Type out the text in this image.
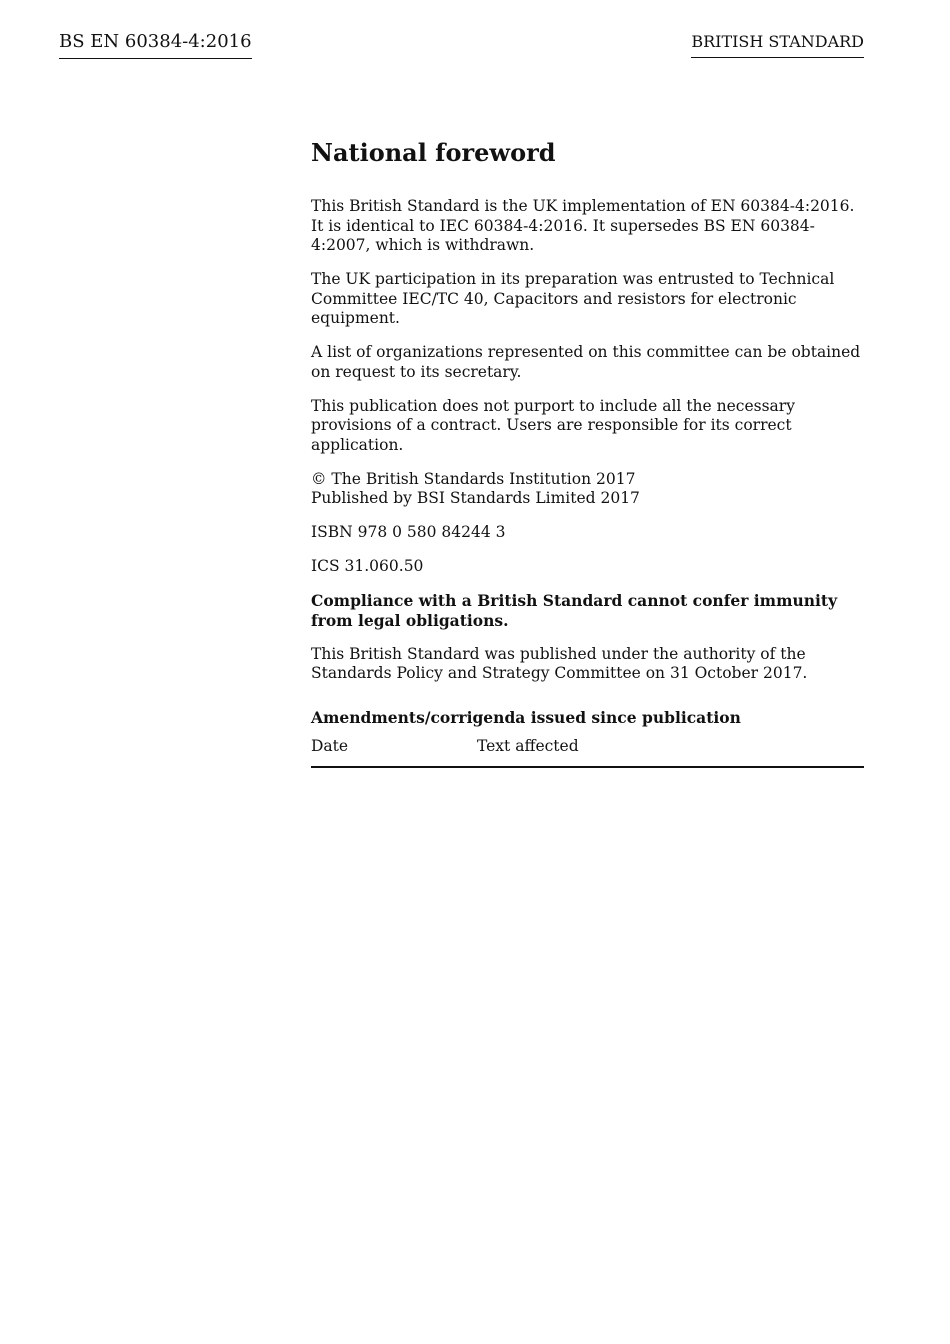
BS EN 60384-4:2016	BRITISH STANDARD
National foreword

This British Standard is the UK implementation of EN 60384-4:2016. It is identical to IEC 60384-4:2016. It supersedes BS EN 60384-4:2007, which is withdrawn.

The UK participation in its preparation was entrusted to Technical Committee IEC/TC 40, Capacitors and resistors for electronic equipment.

A list of organizations represented on this committee can be obtained on request to its secretary.

This publication does not purport to include all the necessary provisions of a contract. Users are responsible for its correct application.

© The British Standards Institution 2017
Published by BSI Standards Limited 2017

ISBN 978 0 580 84244 3

ICS 31.060.50

Compliance with a British Standard cannot confer immunity from legal obligations.

This British Standard was published under the authority of the Standards Policy and Strategy Committee on 31 October 2017.

Amendments/corrigenda issued since publication
Date	Text affected
